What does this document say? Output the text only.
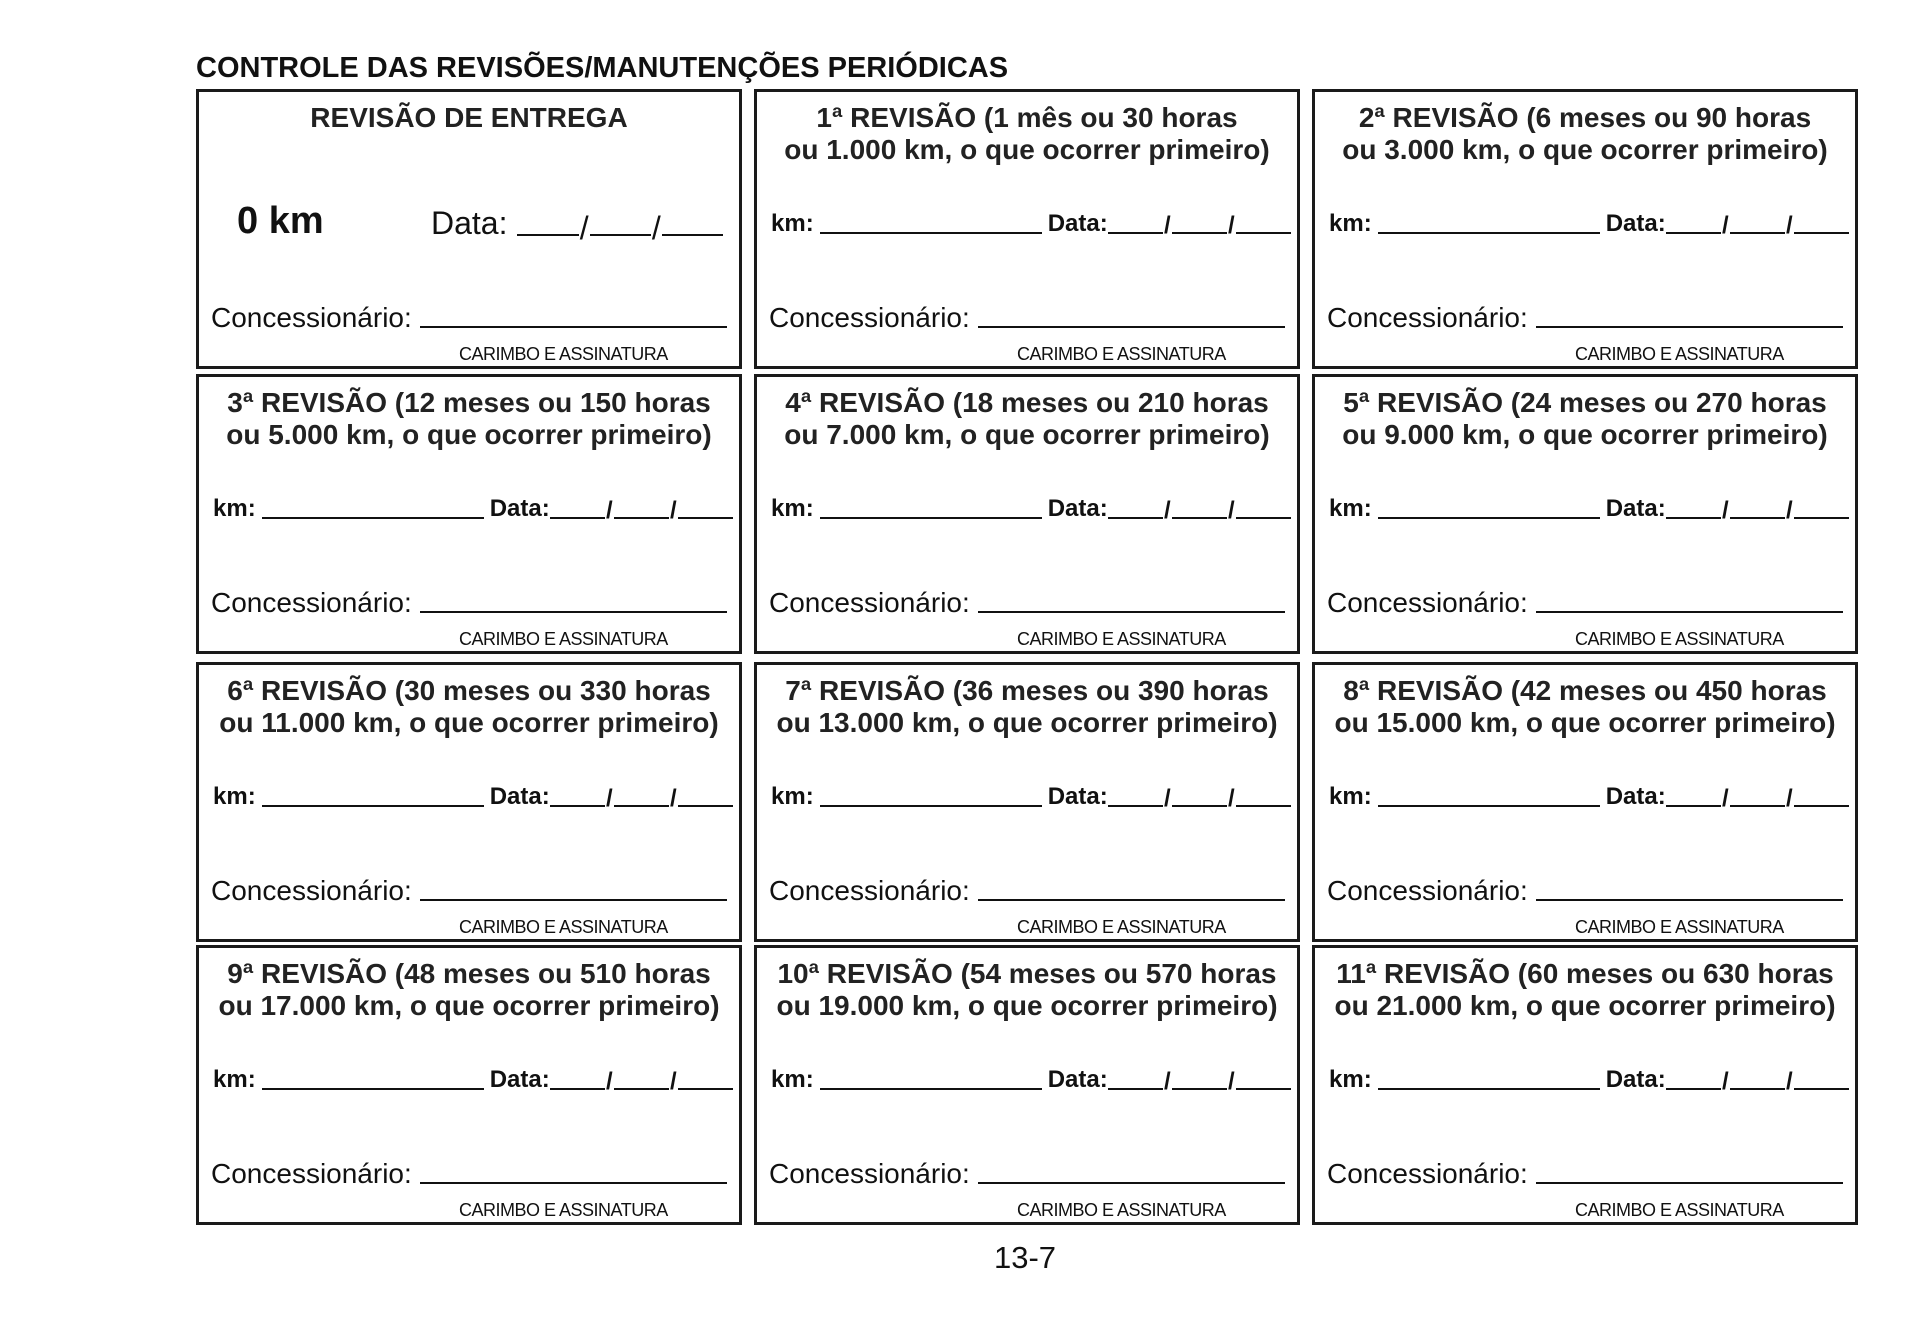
CONTROLE DAS REVISÕES/MANUTENÇÕES PERIÓDICAS
REVISÃO DE ENTREGA
0 km	Data: / /
Concessionário:
CARIMBO E ASSINATURA
1ª REVISÃO (1 mês ou 30 horas
ou 1.000 km, o que ocorrer primeiro)
km:	Data: / /
Concessionário:
CARIMBO E ASSINATURA
2ª REVISÃO (6 meses ou 90 horas
ou 3.000 km, o que ocorrer primeiro)
km:	Data: / /
Concessionário:
CARIMBO E ASSINATURA
3ª REVISÃO (12 meses ou 150 horas
ou 5.000 km, o que ocorrer primeiro)
km:	Data: / /
Concessionário:
CARIMBO E ASSINATURA
4ª REVISÃO (18 meses ou 210 horas
ou 7.000 km, o que ocorrer primeiro)
km:	Data: / /
Concessionário:
CARIMBO E ASSINATURA
5ª REVISÃO (24 meses ou 270 horas
ou 9.000 km, o que ocorrer primeiro)
km:	Data: / /
Concessionário:
CARIMBO E ASSINATURA
6ª REVISÃO (30 meses ou 330 horas
ou 11.000 km, o que ocorrer primeiro)
km:	Data: / /
Concessionário:
CARIMBO E ASSINATURA
7ª REVISÃO (36 meses ou 390 horas
ou 13.000 km, o que ocorrer primeiro)
km:	Data: / /
Concessionário:
CARIMBO E ASSINATURA
8ª REVISÃO (42 meses ou 450 horas
ou 15.000 km, o que ocorrer primeiro)
km:	Data: / /
Concessionário:
CARIMBO E ASSINATURA
9ª REVISÃO (48 meses ou 510 horas
ou 17.000 km, o que ocorrer primeiro)
km:	Data: / /
Concessionário:
CARIMBO E ASSINATURA
10ª REVISÃO (54 meses ou 570 horas
ou 19.000 km, o que ocorrer primeiro)
km:	Data: / /
Concessionário:
CARIMBO E ASSINATURA
11ª REVISÃO (60 meses ou 630 horas
ou 21.000 km, o que ocorrer primeiro)
km:	Data: / /
Concessionário:
CARIMBO E ASSINATURA
13-7
